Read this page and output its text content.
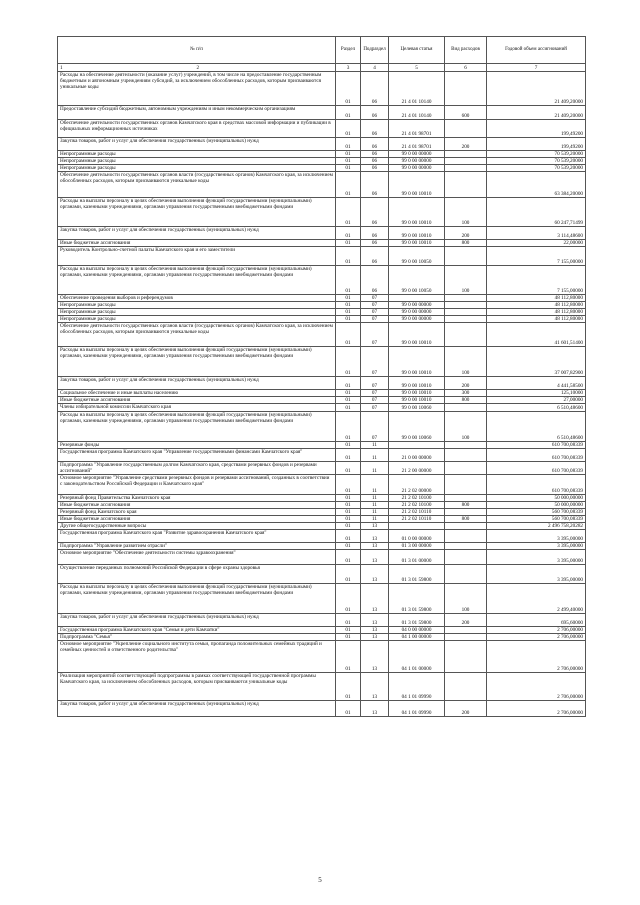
№ п/п	Раздел	Подраздел	Целевая статья	Вид расходов	Годовой объем ассигнований

1 2	3	4	5	6	7
Расходы на обеспечение деятельности (оказание услуг) учреждений, в том числе на предоставление государственным бюджетным и автономным учреждениям субсидий, за исключением обособленных расходов, которым присваиваются уникальные коды	01	06	21 4 01 10140		21 409,20000
Предоставление субсидий бюджетным, автономным учреждениям и иным некоммерческим организациям	01	06	21 4 01 10140	600	21 409,20000
Обеспечение деятельности государственных органов Камчатского края в средствах массовой информации и публикации в официальных информационных источниках	01	06	21 4 01 98701		199,49200
Закупка товаров, работ и услуг для обеспечения государственных (муниципальных) нужд	01	06	21 4 01 98701	200	199,49200
Непрограммные расходы	01	06	99 0 00 00000		70 539,20000
Непрограммные расходы	01	06	99 0 00 00000		70 539,20000
Непрограммные расходы	01	06	99 0 00 00000		70 539,20000
Обеспечение деятельности государственных органов власти (государственных органов) Камчатского края, за исключением обособленных расходов, которым присваиваются уникальные коды	01	06	99 0 00 10010		63 384,20000
Расходы на выплаты персоналу в целях обеспечения выполнения функций государственными (муниципальными) органами, казенными учреждениями, органами управления государственными внебюджетными фондами	01	06	99 0 00 10010	100	60 247,71499
Закупка товаров, работ и услуг для обеспечения государственных (муниципальных) нужд	01	06	99 0 00 10010	200	3 114,48600
Иные бюджетные ассигнования	01	06	99 0 00 10010	800	22,00000
Руководитель Контрольно-счетной палаты Камчатского края и его заместители	01	06	99 0 00 10050		7 155,00000
Расходы на выплаты персоналу в целях обеспечения выполнения функций государственными (муниципальными) органами, казенными учреждениями, органами управления государственными внебюджетными фондами	01	06	99 0 00 10050	100	7 155,00000
Обеспечение проведения выборов и референдумов	01	07			48 112,80000
Непрограммные расходы	01	07	99 0 00 00000		48 112,80000
Непрограммные расходы	01	07	99 0 00 00000		48 112,80000
Непрограммные расходы	01	07	99 0 00 00000		48 112,80000
Обеспечение деятельности государственных органов власти (государственных органов) Камчатского края, за исключением обособленных расходов, которым присваиваются уникальные коды	01	07	99 0 00 10010		41 601,51400
Расходы на выплаты персоналу в целях обеспечения выполнения функций государственными (муниципальными) органами, казенными учреждениями, органами управления государственными внебюджетными фондами	01	07	99 0 00 10010	100	37 007,82900
Закупка товаров, работ и услуг для обеспечения государственных (муниципальных) нужд	01	07	99 0 00 10010	200	4 441,58500
Социальное обеспечение и иные выплаты населению	01	07	99 0 00 10010	300	125,10000
Иные бюджетные ассигнования	01	07	99 0 00 10010	800	27,00000
Члены избирательной комиссии Камчатского края	01	07	99 0 00 10060		6 510,48600
Расходы на выплаты персоналу в целях обеспечения выполнения функций государственными (муниципальными) органами, казенными учреждениями, органами управления государственными внебюджетными фондами	01	07	99 0 00 10060	100	6 510,48600
Резервные фонды	01	11			610 700,08339
Государственная программа Камчатского края "Управление государственными финансами Камчатского края"	01	11	21 0 00 00000		610 700,08339
Подпрограмма "Управление государственным долгом Камчатского края, средствами резервных фондов и резервами ассигнований"	01	11	21 2 00 00000		610 700,08339
Основное мероприятие "Управление средствами резервных фондов и резервами ассигнований, созданных в соответствии с законодательством Российской Федерации и Камчатского края"	01	11	21 2 02 00000		610 700,08339
Резервный фонд Правительства Камчатского края	01	11	21 2 02 10100		50 000,00000
Иные бюджетные ассигнования	01	11	21 2 02 10100	800	50 000,00000
Резервный фонд Камчатского края	01	11	21 2 02 10110		560 700,08339
Иные бюджетные ассигнования	01	11	21 2 02 10110	800	560 700,08339
Другие общегосударственные вопросы	01	13			2 496 758,20282
Государственная программа Камчатского края "Развитие здравоохранения Камчатского края"	01	13	01 0 00 00000		3 395,00000
Подпрограмма "Управление развитием отрасли"	01	13	01 3 00 00000		3 395,00000
Основное мероприятие "Обеспечение деятельности системы здравоохранения"	01	13	01 3 01 00000		3 395,00000
Осуществление переданных полномочий Российской Федерации в сфере охраны здоровья	01	13	01 3 01 59800		3 395,00000
Расходы на выплаты персоналу в целях обеспечения выполнения функций государственными (муниципальными) органами, казенными учреждениями, органами управления государственными внебюджетными фондами	01	13	01 3 01 59800	100	2 499,40000
Закупка товаров, работ и услуг для обеспечения государственных (муниципальных) нужд	01	13	01 3 01 59800	200	695,60000
Государственная программа Камчатского края "Семья и дети Камчатки"	01	13	04 0 00 00000		2 706,00000
Подпрограмма "Семья"	01	13	04 1 00 00000		2 706,00000
Основное мероприятие "Укрепление социального института семьи, пропаганда положительных семейных традиций и семейных ценностей и ответственного родительства"	01	13	04 1 01 00000		2 706,00000
Реализация мероприятий соответствующей подпрограммы в рамках соответствующей государственной программы Камчатского края, за исключением обособленных расходов, которым присваиваются уникальные коды	01	13	04 1 01 09990		2 706,00000
Закупка товаров, работ и услуг для обеспечения государственных (муниципальных) нужд	01	13	04 1 01 09990	200	2 706,00000
5
